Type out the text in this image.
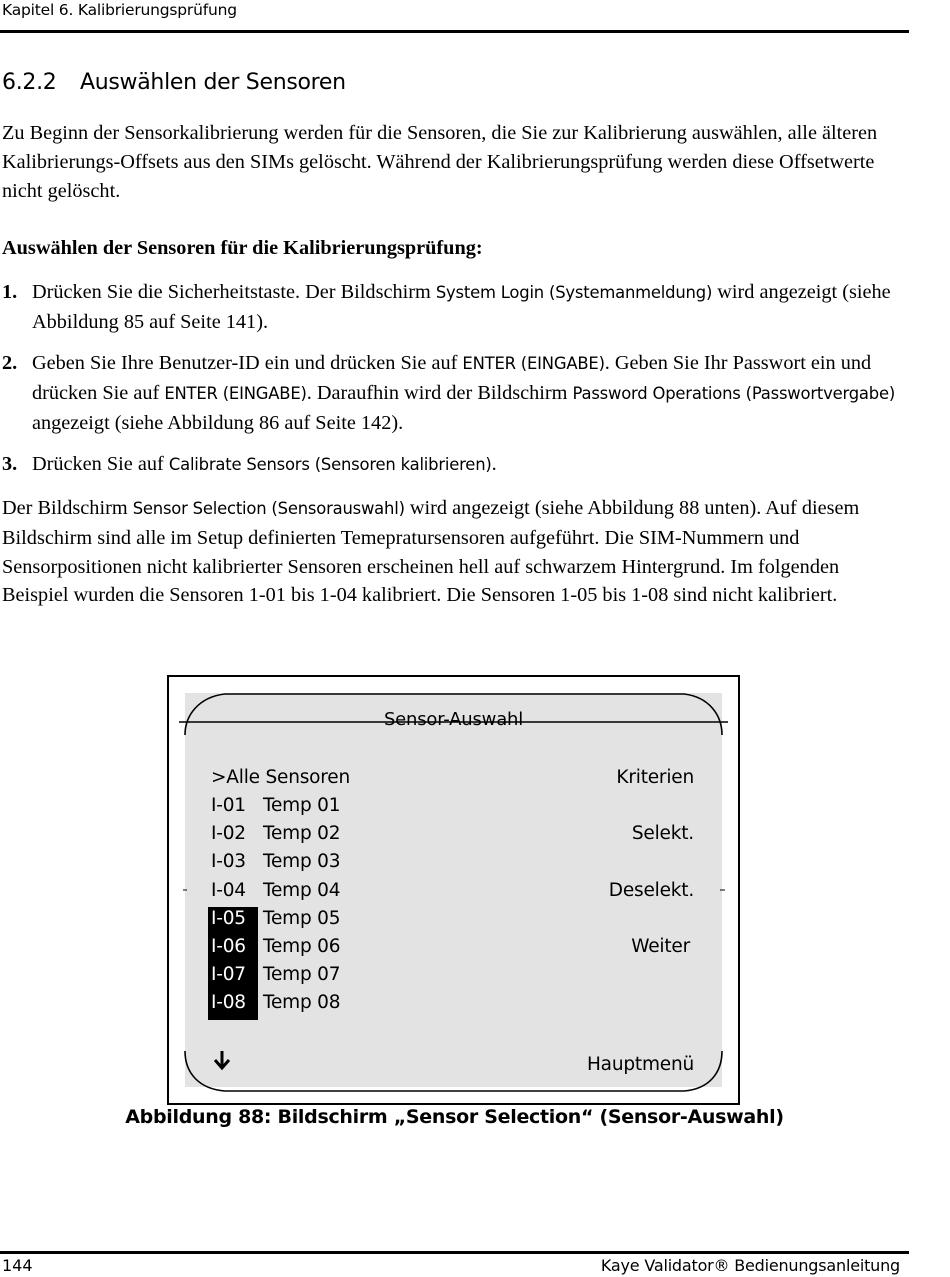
Kapitel 6. Kalibrierungsprüfung
6.2.2 Auswählen der Sensoren

Zu Beginn der Sensorkalibrierung werden für die Sensoren, die Sie zur Kalibrierung auswählen, alle älteren Kalibrierungs-Offsets aus den SIMs gelöscht. Während der Kalibrierungsprüfung werden diese Offsetwerte nicht gelöscht.

Auswählen der Sensoren für die Kalibrierungsprüfung:

1. Drücken Sie die Sicherheitstaste. Der Bildschirm System Login (Systemanmeldung) wird angezeigt (siehe Abbildung 85 auf Seite 141).
2. Geben Sie Ihre Benutzer-ID ein und drücken Sie auf ENTER (EINGABE). Geben Sie Ihr Passwort ein und drücken Sie auf ENTER (EINGABE). Daraufhin wird der Bildschirm Password Operations (Passwortvergabe) angezeigt (siehe Abbildung 86 auf Seite 142).
3. Drücken Sie auf Calibrate Sensors (Sensoren kalibrieren).

Der Bildschirm Sensor Selection (Sensorauswahl) wird angezeigt (siehe Abbildung 88 unten). Auf diesem Bildschirm sind alle im Setup definierten Temepratursensoren aufgeführt. Die SIM-Nummern und Sensorpositionen nicht kalibrierter Sensoren erscheinen hell auf schwarzem Hintergrund. Im folgenden Beispiel wurden die Sensoren 1-01 bis 1-04 kalibriert. Die Sensoren 1-05 bis 1-08 sind nicht kalibriert.

Sensor-Auswahl
>Alle Sensoren
I-01 Temp 01
I-02 Temp 02
I-03 Temp 03
I-04 Temp 04
I-05 Temp 05
I-06 Temp 06
I-07 Temp 07
I-08 Temp 08
Kriterien
Selekt.
Deselekt.
Weiter
Hauptmenü
Abbildung 88: Bildschirm „Sensor Selection“ (Sensor-Auswahl)
144	Kaye Validator® Bedienungsanleitung
